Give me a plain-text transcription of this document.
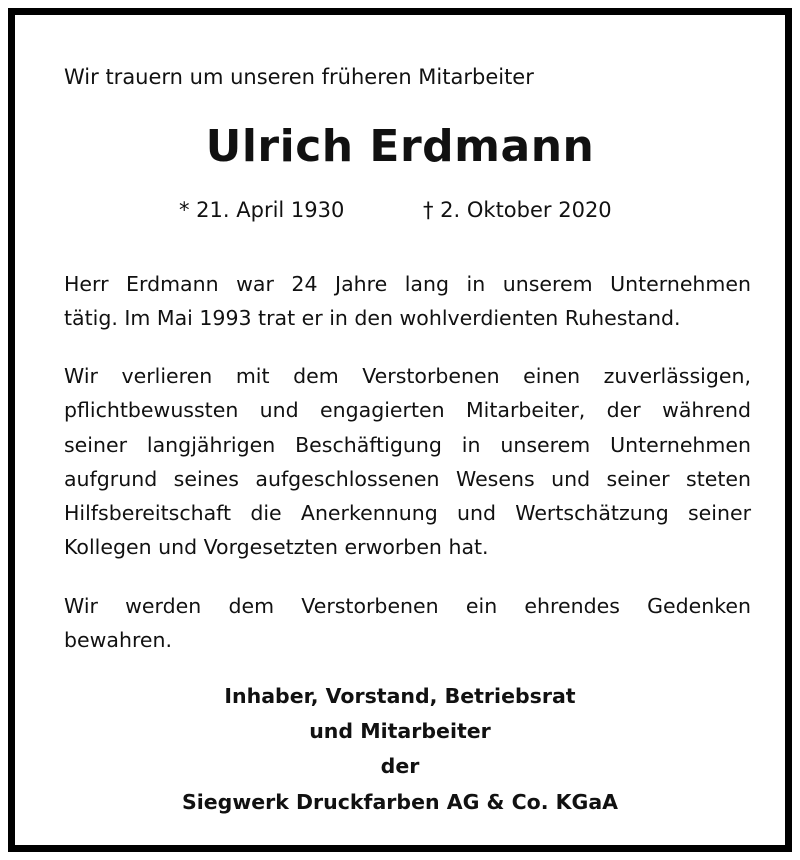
Wir trauern um unseren früheren Mitarbeiter
Ulrich Erdmann
* 21. April 1930	† 2. Oktober 2020
Herr Erdmann war 24 Jahre lang in unserem Unternehmen
tätig. Im Mai 1993 trat er in den wohlverdienten Ruhestand.
Wir verlieren mit dem Verstorbenen einen zuverlässigen,
pflichtbewussten und engagierten Mitarbeiter, der während
seiner langjährigen Beschäftigung in unserem Unternehmen
aufgrund seines aufgeschlossenen Wesens und seiner steten
Hilfsbereitschaft die Anerkennung und Wertschätzung seiner
Kollegen und Vorgesetzten erworben hat.
Wir werden dem Verstorbenen ein ehrendes Gedenken
bewahren.
Inhaber, Vorstand, Betriebsrat
und Mitarbeiter
der
Siegwerk Druckfarben AG & Co. KGaA
